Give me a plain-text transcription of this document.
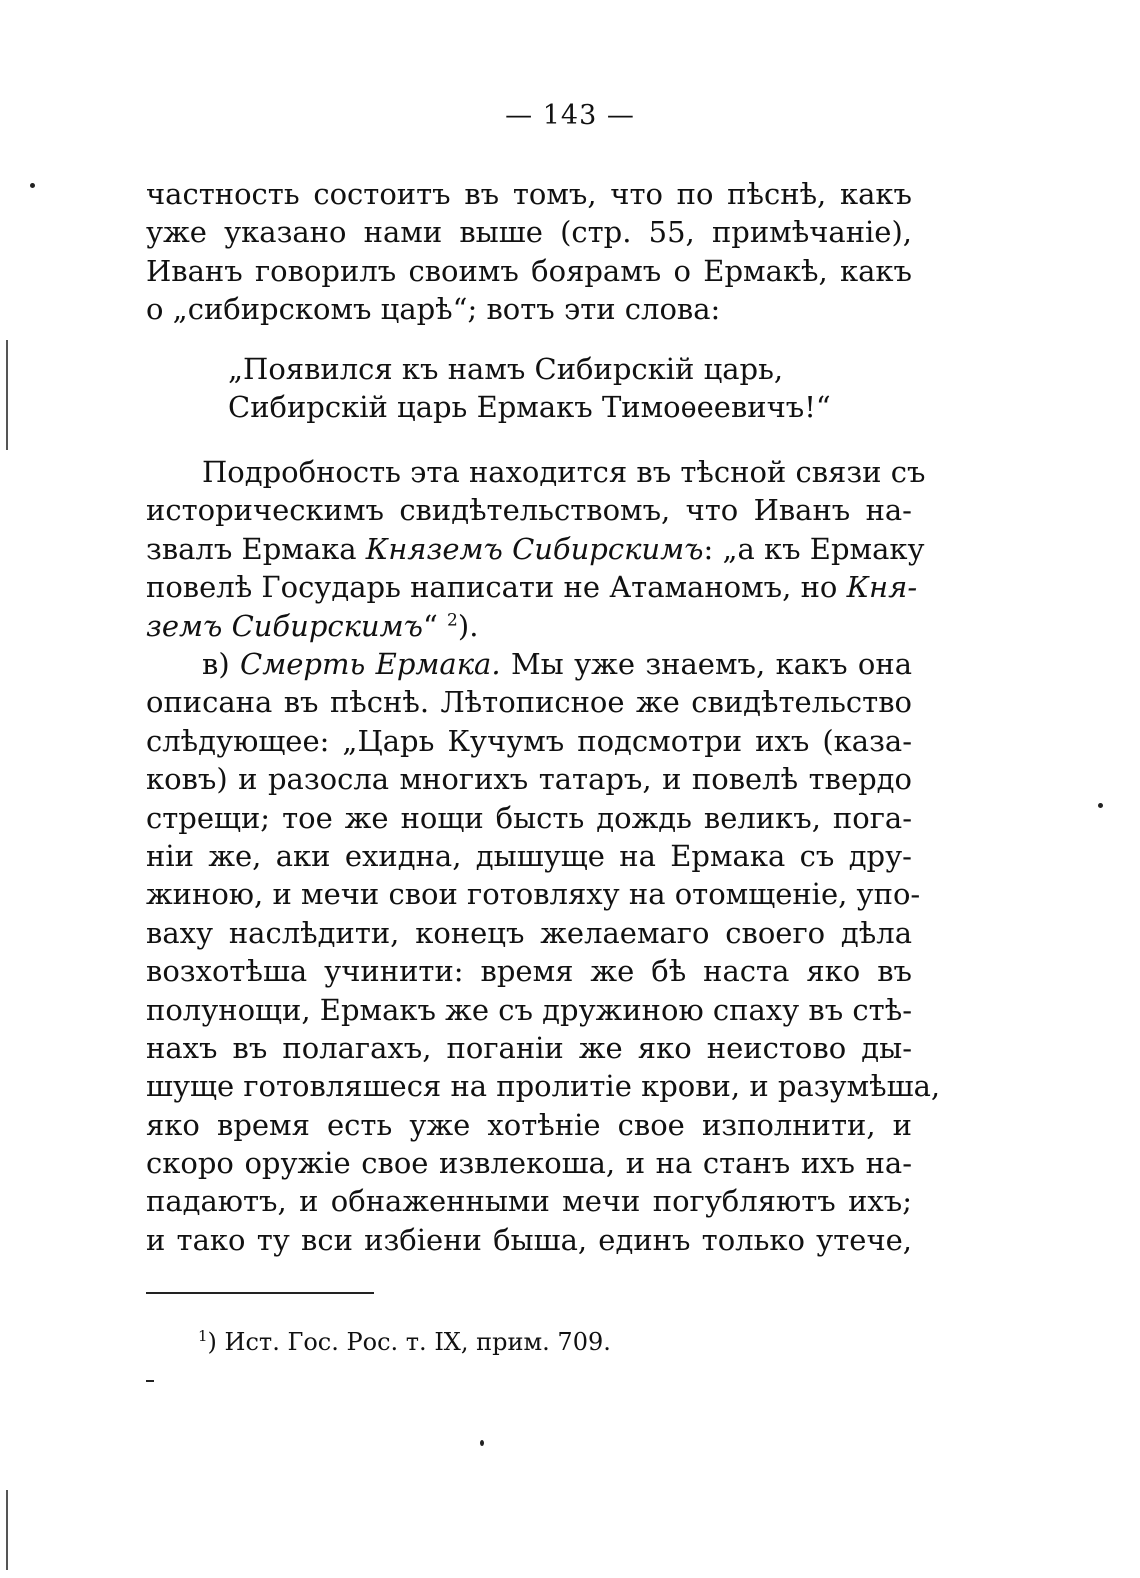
— 143 —
частность состоитъ въ томъ, что по пѣснѣ, какъ
уже указано нами выше (стр. 55, примѣчаніе),
Иванъ говорилъ своимъ боярамъ о Ермакѣ, какъ
о „сибирскомъ царѣ“; вотъ эти слова:
„Появился къ намъ Сибирскій царь,
Сибирскій царь Ермакъ Тимоѳеевичъ!“
Подробность эта находится въ тѣсной связи съ
историческимъ свидѣтельствомъ, что Иванъ на-
звалъ Ермака Княземъ Сибирскимъ: „а къ Ермаку
повелѣ Государь написати не Атаманомъ, но Кня-
земъ Сибирскимъ“ $^2$).
в) Смерть Ермака. Мы уже знаемъ, какъ она
описана въ пѣснѣ. Лѣтописное же свидѣтельство
слѣдующее: „Царь Кучумъ подсмотри ихъ (каза-
ковъ) и разосла многихъ татаръ, и повелѣ твердо
стрещи; тое же нощи бысть дождь великъ, пога-
ніи же, аки ехидна, дышуще на Ермака съ дру-
жиною, и мечи свои готовляху на отомщеніе, упо-
ваху наслѣдити, конецъ желаемаго своего дѣла
возхотѣша учинити: время же бѣ наста яко въ
полунощи, Ермакъ же съ дружиною спаху въ стѣ-
нахъ въ полагахъ, поганіи же яко неистово ды-
шуще готовляшеся на пролитіе крови, и разумѣша,
яко время есть уже хотѣніе свое изполнити, и
скоро оружіе свое извлекоша, и на станъ ихъ на-
падаютъ, и обнаженными мечи погубляютъ ихъ;
и тако ту вси избіени быша, единъ только утече,
$^1$) Ист. Гос. Рос. т. IX, прим. 709.
